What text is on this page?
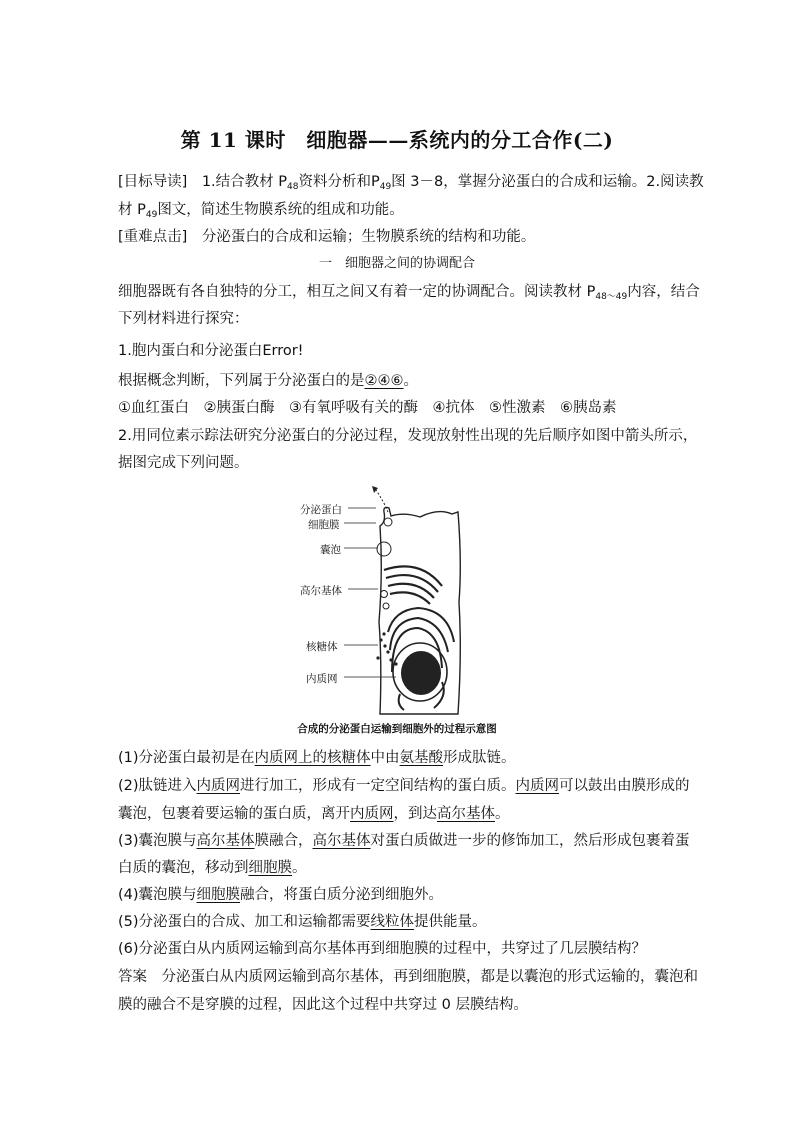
第 11 课时　细胞器——系统内的分工合作(二)
[目标导读]　1.结合教材 $P_{48}$资料分析和$P_{49}$图 3－8，掌握分泌蛋白的合成和运输。2.阅读教
材 $P_{49}$图文，简述生物膜系统的组成和功能。
[重难点击]　分泌蛋白的合成和运输；生物膜系统的结构和功能。
一　细胞器之间的协调配合
细胞器既有各自独特的分工，相互之间又有着一定的协调配合。阅读教材 $P_{48\sim 49}$内容，结合
下列材料进行探究：
1.胞内蛋白和分泌蛋白Error!
根据概念判断，下列属于分泌蛋白的是②④⑥。
①血红蛋白　②胰蛋白酶　③有氧呼吸有关的酶　④抗体　⑤性激素　⑥胰岛素
2.用同位素示踪法研究分泌蛋白的分泌过程，发现放射性出现的先后顺序如图中箭头所示，
据图完成下列问题。
分泌蛋白
细胞膜
囊泡
高尔基体
核糖体
内质网
合成的分泌蛋白运输到细胞外的过程示意图
(1)分泌蛋白最初是在内质网上的核糖体中由氨基酸形成肽链。
(2)肽链进入内质网进行加工，形成有一定空间结构的蛋白质。内质网可以鼓出由膜形成的
囊泡，包裹着要运输的蛋白质，离开内质网，到达高尔基体。
(3)囊泡膜与高尔基体膜融合，高尔基体对蛋白质做进一步的修饰加工，然后形成包裹着蛋
白质的囊泡，移动到细胞膜。
(4)囊泡膜与细胞膜融合，将蛋白质分泌到细胞外。
(5)分泌蛋白的合成、加工和运输都需要线粒体提供能量。
(6)分泌蛋白从内质网运输到高尔基体再到细胞膜的过程中，共穿过了几层膜结构？
答案　分泌蛋白从内质网运输到高尔基体，再到细胞膜，都是以囊泡的形式运输的，囊泡和
膜的融合不是穿膜的过程，因此这个过程中共穿过 0 层膜结构。
